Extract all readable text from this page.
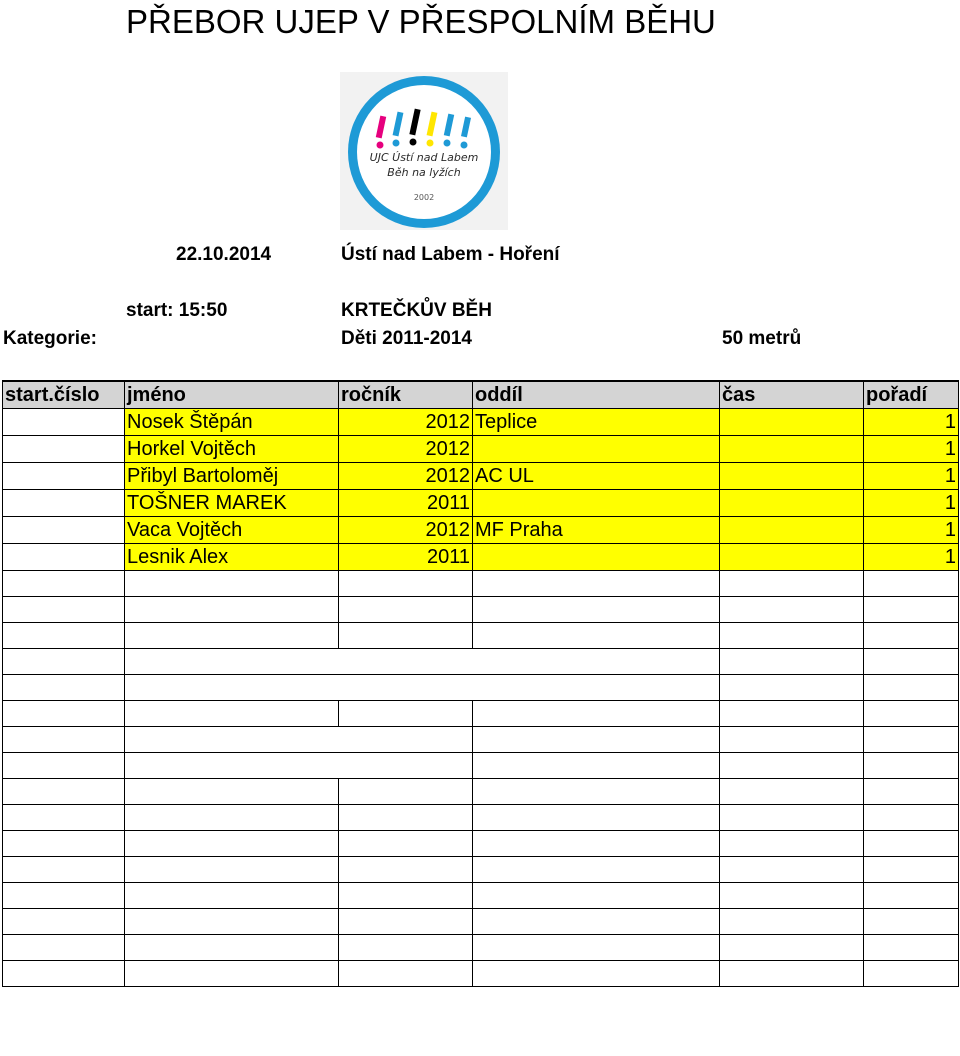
PŘEBOR UJEP V PŘESPOLNÍM BĚHU
UJC Ústí nad Labem
Běh na lyžích
2002
22.10.2014	Ústí nad Labem - Hoření
start: 15:50	KRTEČKŮV BĚH
Kategorie:	Děti 2011-2014	50 metrů
start.číslo	jméno	ročník	oddíl	čas	pořadí
	Nosek Štěpán	2012	Teplice		1
	Horkel Vojtěch	2012			1
	Přibyl Bartoloměj	2012	AC UL		1
	TOŠNER MAREK	2011			1
	Vaca Vojtěch	2012	MF Praha		1
	Lesnik Alex	2011			1
